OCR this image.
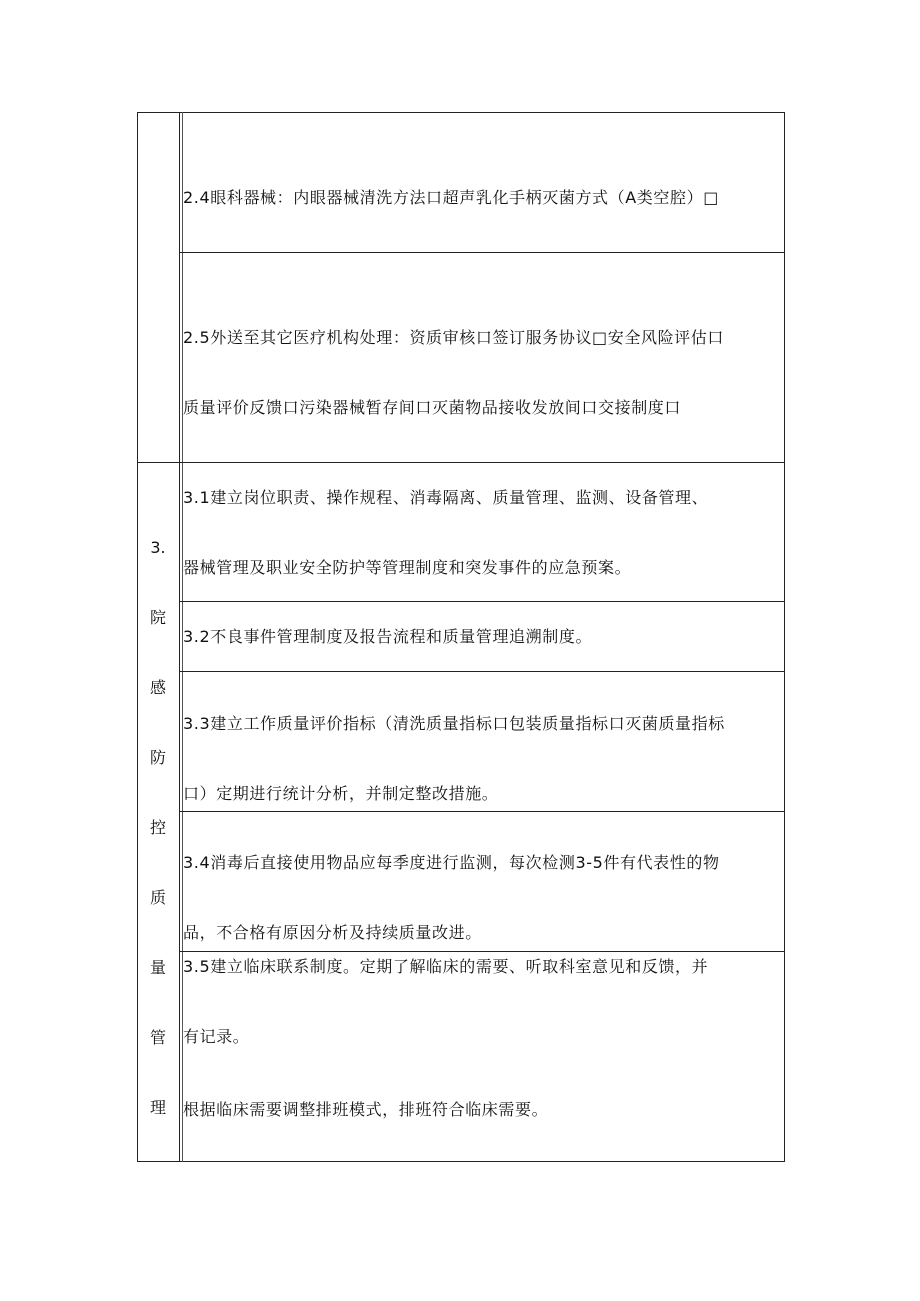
2.4眼科器械：内眼器械清洗方法口超声乳化手柄灭菌方式（A类空腔）□
2.5外送至其它医疗机构处理：资质审核口签订服务协议□安全风险评估口
质量评价反馈口污染器械暂存间口灭菌物品接收发放间口交接制度口
3.1建立岗位职责、操作规程、消毒隔离、质量管理、监测、设备管理、
器械管理及职业安全防护等管理制度和突发事件的应急预案。
3.2不良事件管理制度及报告流程和质量管理追溯制度。
3.3建立工作质量评价指标（清洗质量指标口包装质量指标口灭菌质量指标
口）定期进行统计分析，并制定整改措施。
3.4消毒后直接使用物品应每季度进行监测，每次检测3-5件有代表性的物
品，不合格有原因分析及持续质量改进。
3.5建立临床联系制度。定期了解临床的需要、听取科室意见和反馈，并
有记录。
根据临床需要调整排班模式，排班符合临床需要。
3.
院
感
防
控
质
量
管
理
